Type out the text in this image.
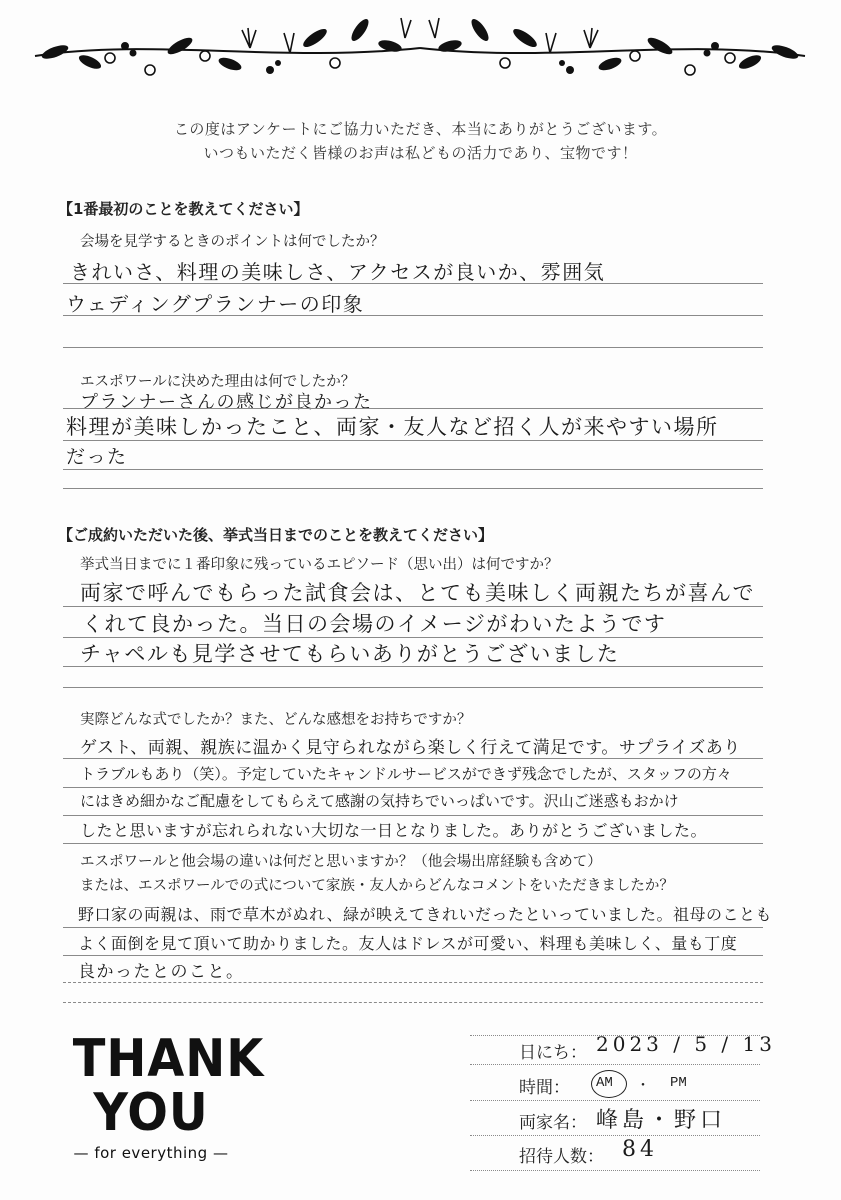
この度はアンケートにご協力いただき、本当にありがとうございます。
いつもいただく皆様のお声は私どもの活力であり、宝物です！
【1番最初のことを教えてください】
会場を見学するときのポイントは何でしたか？
きれいさ、料理の美味しさ、アクセスが良いか、雰囲気
ウェディングプランナーの印象
エスポワールに決めた理由は何でしたか？
プランナーさんの感じが良かった
料理が美味しかったこと、両家・友人など招く人が来やすい場所
だった
【ご成約いただいた後、挙式当日までのことを教えてください】
挙式当日までに１番印象に残っているエピソード（思い出）は何ですか？
両家で呼んでもらった試食会は、とても美味しく両親たちが喜んで
くれて良かった。当日の会場のイメージがわいたようです
チャペルも見学させてもらいありがとうございました
実際どんな式でしたか？また、どんな感想をお持ちですか？
ゲスト、両親、親族に温かく見守られながら楽しく行えて満足です。サプライズあり
トラブルもあり（笑）。予定していたキャンドルサービスができず残念でしたが、スタッフの方々
にはきめ細かなご配慮をしてもらえて感謝の気持ちでいっぱいです。沢山ご迷惑もおかけ
したと思いますが忘れられない大切な一日となりました。ありがとうございました。
エスポワールと他会場の違いは何だと思いますか？（他会場出席経験も含めて）
または、エスポワールでの式について家族・友人からどんなコメントをいただきましたか？
野口家の両親は、雨で草木がぬれ、緑が映えてきれいだったといっていました。祖母のことも
よく面倒を見て頂いて助かりました。友人はドレスが可愛い、料理も美味しく、量も丁度
良かったとのこと。
THANK
YOU
— for everything —
日にち： 2023 / 5 / 13
時間： AM ・ PM
両家名： 峰島・野口
招待人数： 84
